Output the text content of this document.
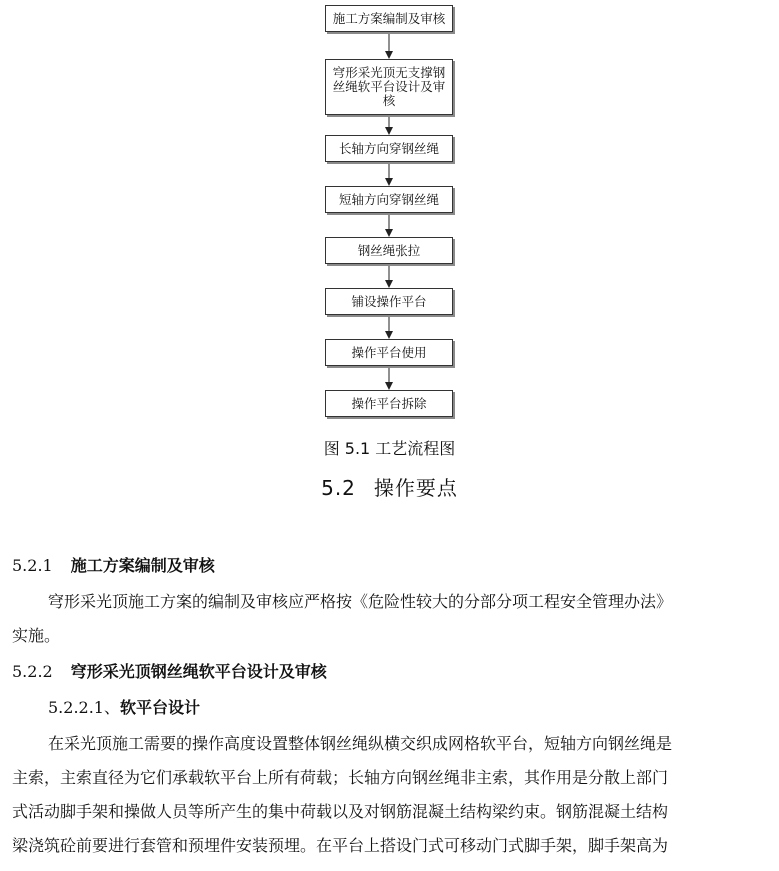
施工方案编制及审核
穹形采光顶无支撑钢丝绳软平台设计及审核
长轴方向穿钢丝绳
短轴方向穿钢丝绳
钢丝绳张拉
铺设操作平台
操作平台使用
操作平台拆除
图 5.1 工艺流程图
5.2 操作要点
5.2.1 施工方案编制及审核
穹形采光顶施工方案的编制及审核应严格按《危险性较大的分部分项工程安全管理办法》
实施。
5.2.2 穹形采光顶钢丝绳软平台设计及审核
5.2.2.1、软平台设计
在采光顶施工需要的操作高度设置整体钢丝绳纵横交织成网格软平台，短轴方向钢丝绳是
主索，主索直径为它们承载软平台上所有荷载；长轴方向钢丝绳非主索，其作用是分散上部门
式活动脚手架和操做人员等所产生的集中荷载以及对钢筋混凝土结构梁约束。钢筋混凝土结构
梁浇筑砼前要进行套管和预埋件安装预埋。在平台上搭设门式可移动门式脚手架，脚手架高为
